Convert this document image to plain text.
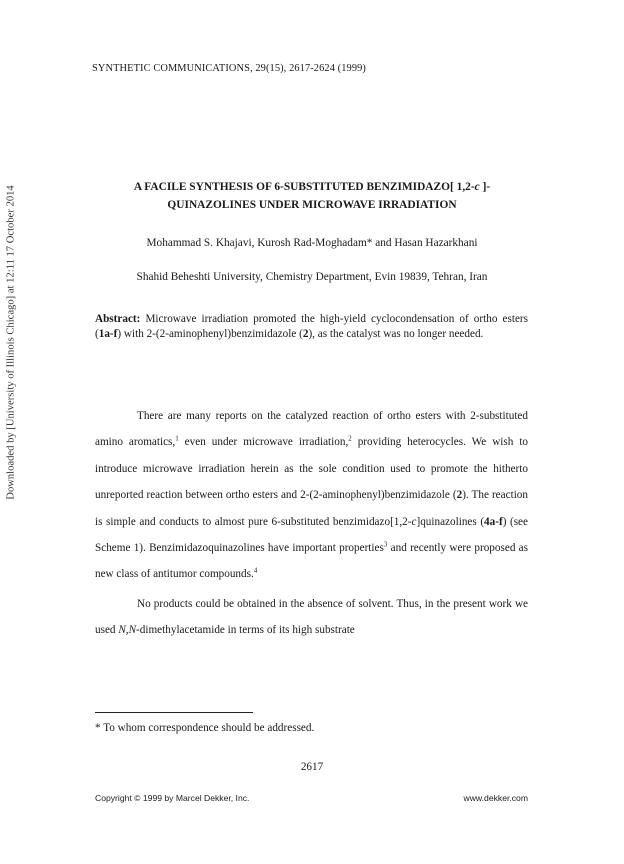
Downloaded by [University of Illinois Chicago] at 12:11 17 October 2014
SYNTHETIC COMMUNICATIONS, 29(15), 2617-2624 (1999)
A FACILE SYNTHESIS OF 6-SUBSTITUTED BENZIMIDAZO[ 1,2-c ]-
QUINAZOLINES UNDER MICROWAVE IRRADIATION
Mohammad S. Khajavi, Kurosh Rad-Moghadam* and Hasan Hazarkhani
Shahid Beheshti University, Chemistry Department, Evin 19839, Tehran, Iran
Abstract: Microwave irradiation promoted the high-yield cyclocondensation of ortho esters (1a-f) with 2-(2-aminophenyl)benzimidazole (2), as the catalyst was no longer needed.

There are many reports on the catalyzed reaction of ortho esters with 2-substituted amino aromatics,$^1$ even under microwave irradiation,$^2$ providing heterocycles. We wish to introduce microwave irradiation herein as the sole condition used to promote the hitherto unreported reaction between ortho esters and 2-(2-aminophenyl)benzimidazole (2). The reaction is simple and conducts to almost pure 6-substituted benzimidazo[1,2-c]quinazolines (4a-f) (see Scheme 1). Benzimidazoquinazolines have important properties$^3$ and recently were proposed as new class of antitumor compounds.$^4$

No products could be obtained in the absence of solvent. Thus, in the present work we used N,N-dimethylacetamide in terms of its high substrate

* To whom correspondence should be addressed.
2617
Copyright © 1999 by Marcel Dekker, Inc.	www.dekker.com
